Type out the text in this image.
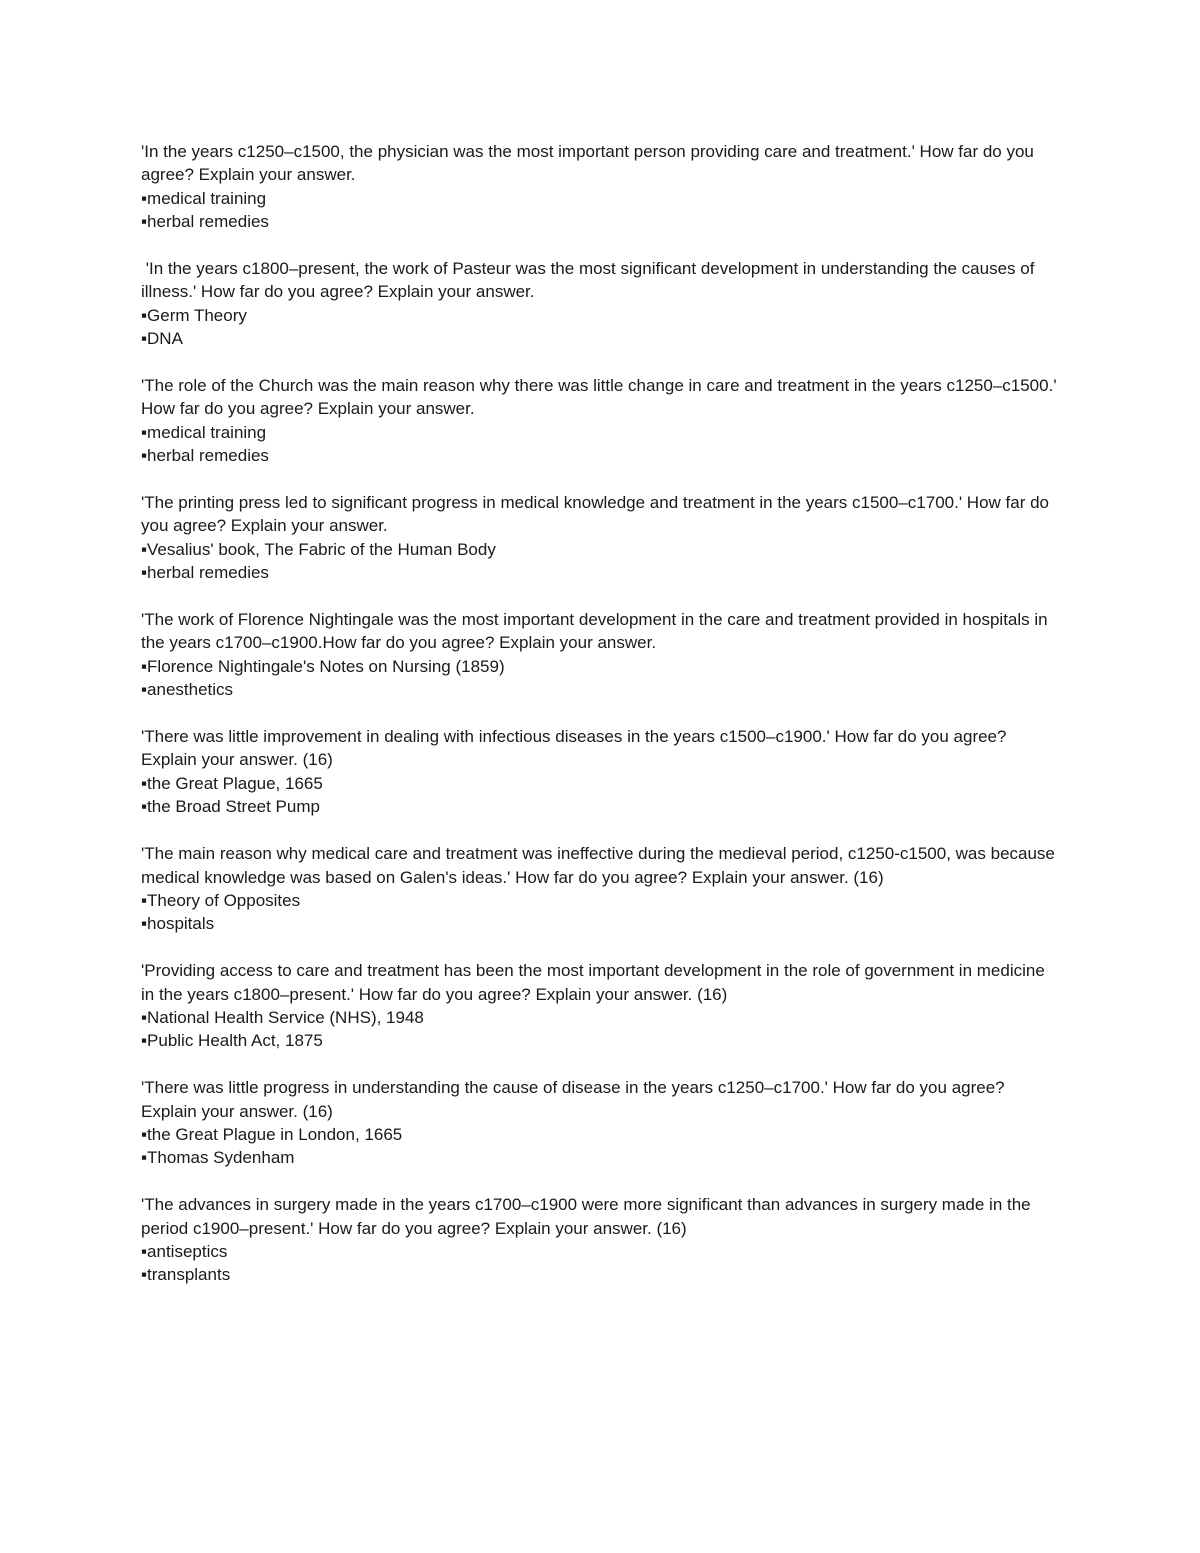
'In the years c1250–c1500, the physician was the most important person providing care and treatment.' How far do you agree? Explain your answer.

▪medical training

▪herbal remedies

'In the years c1800–present, the work of Pasteur was the most significant development in understanding the causes of illness.' How far do you agree? Explain your answer.

▪Germ Theory

▪DNA

'The role of the Church was the main reason why there was little change in care and treatment in the years c1250–c1500.' How far do you agree? Explain your answer.

▪medical training

▪herbal remedies

'The printing press led to significant progress in medical knowledge and treatment in the years c1500–c1700.' How far do you agree? Explain your answer.

▪Vesalius' book, The Fabric of the Human Body

▪herbal remedies

'The work of Florence Nightingale was the most important development in the care and treatment provided in hospitals in the years c1700–c1900.How far do you agree? Explain your answer.

▪Florence Nightingale's Notes on Nursing (1859)

▪anesthetics

'There was little improvement in dealing with infectious diseases in the years c1500–c1900.' How far do you agree? Explain your answer. (16)

▪the Great Plague, 1665

▪the Broad Street Pump

'The main reason why medical care and treatment was ineffective during the medieval period, c1250-c1500, was because medical knowledge was based on Galen's ideas.' How far do you agree? Explain your answer. (16)

▪Theory of Opposites

▪hospitals

'Providing access to care and treatment has been the most important development in the role of government in medicine in the years c1800–present.' How far do you agree? Explain your answer. (16)

▪National Health Service (NHS), 1948

▪Public Health Act, 1875

'There was little progress in understanding the cause of disease in the years c1250–c1700.' How far do you agree? Explain your answer. (16)

▪the Great Plague in London, 1665

▪Thomas Sydenham

'The advances in surgery made in the years c1700–c1900 were more significant than advances in surgery made in the period c1900–present.' How far do you agree? Explain your answer. (16)

▪antiseptics

▪transplants
